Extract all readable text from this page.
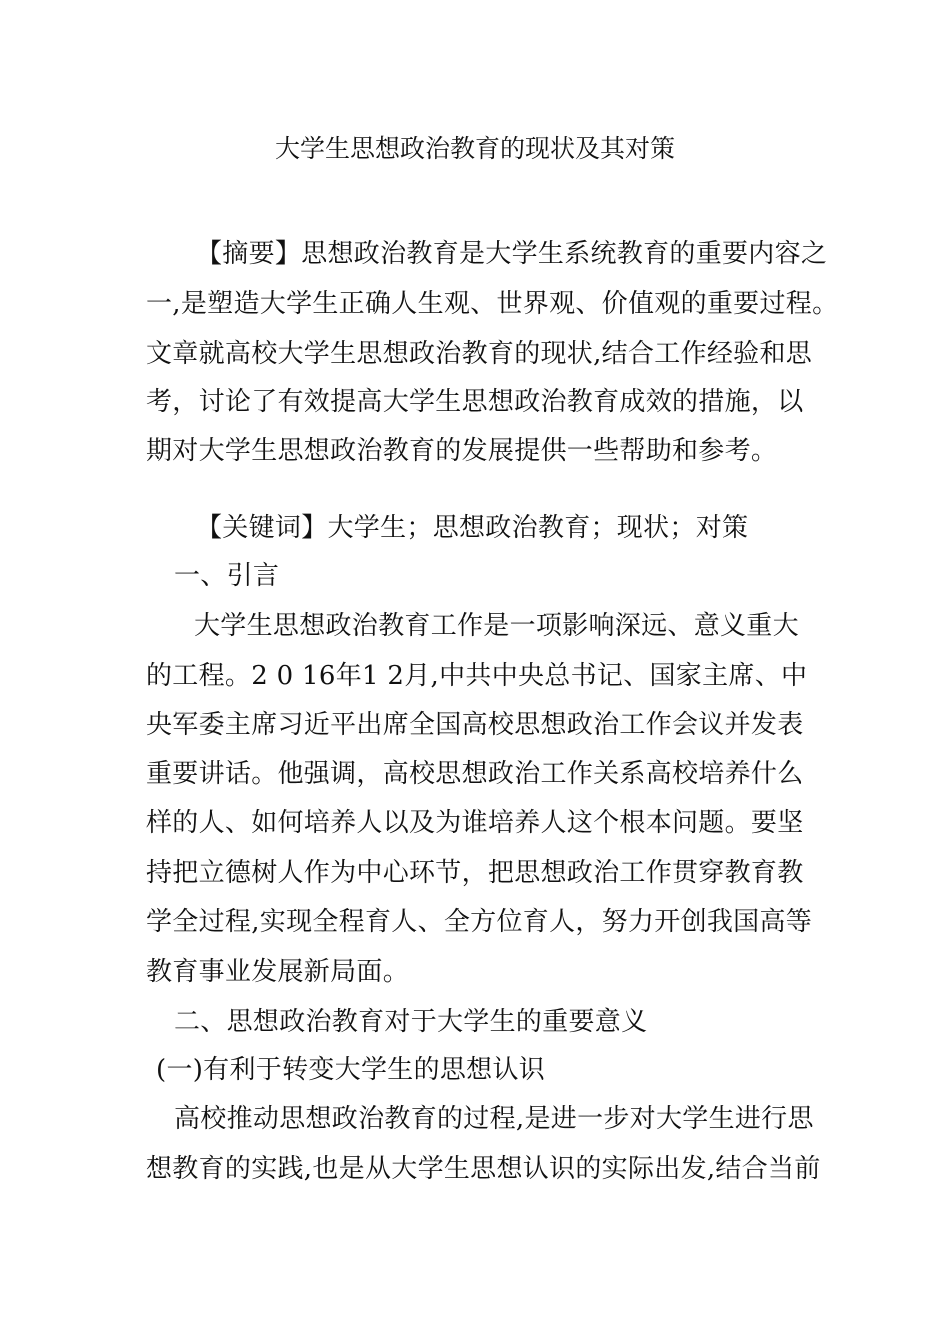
大学生思想政治教育的现状及其对策
【摘要】思想政治教育是大学生系统教育的重要内容之
一,是塑造大学生正确人生观、世界观、价值观的重要过程。
文章就高校大学生思想政治教育的现状,结合工作经验和思
考，讨论了有效提高大学生思想政治教育成效的措施，以
期对大学生思想政治教育的发展提供一些帮助和参考。
【关键词】大学生；思想政治教育；现状；对策
一、引言
大学生思想政治教育工作是一项影响深远、意义重大
的工程。2 0 16年1 2月,中共中央总书记、国家主席、中
央军委主席习近平出席全国高校思想政治工作会议并发表
重要讲话。他强调，高校思想政治工作关系高校培养什么
样的人、如何培养人以及为谁培养人这个根本问题。要坚
持把立德树人作为中心环节，把思想政治工作贯穿教育教
学全过程,实现全程育人、全方位育人，努力开创我国高等
教育事业发展新局面。
二、思想政治教育对于大学生的重要意义
(一)有利于转变大学生的思想认识
高校推动思想政治教育的过程,是进一步对大学生进行思
想教育的实践,也是从大学生思想认识的实际出发,结合当前
